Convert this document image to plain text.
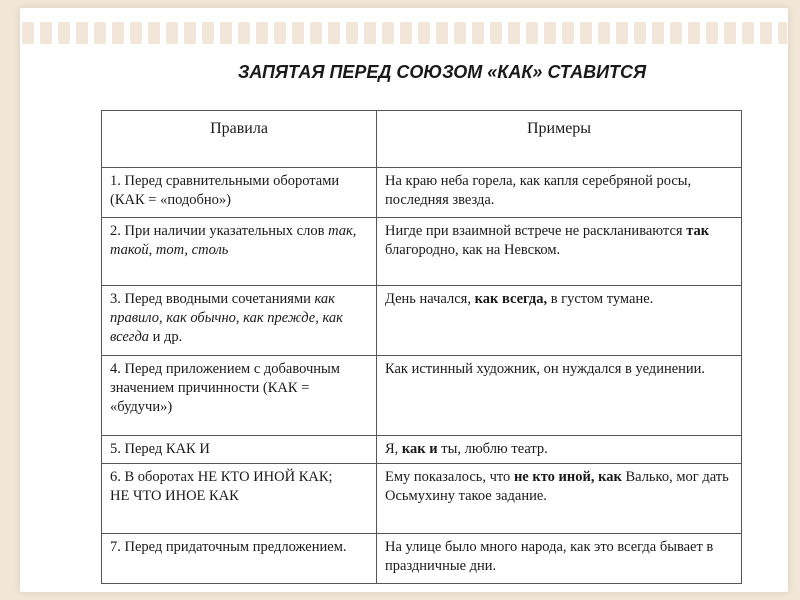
ЗАПЯТАЯ ПЕРЕД СОЮЗОМ «КАК» СТАВИТСЯ
Правила	Примеры
1. Перед сравнительными оборотами (КАК = «подобно»)	На краю неба горела, как капля серебряной росы, последняя звезда.
2. При наличии указательных слов так, такой, тот, столь	Нигде при взаимной встрече не раскланиваются так благородно, как на Невском.
3. Перед вводными сочетаниями как правило, как обычно, как прежде, как всегда и др.	День начался, как всегда, в густом тумане.
4. Перед приложением с добавочным значением причинности (КАК = «будучи»)	Как истинный художник, он нуждался в уединении.
5. Перед КАК И	Я, как и ты, люблю театр.
6. В оборотах НЕ КТО ИНОЙ КАК;
НЕ ЧТО ИНОЕ КАК	Ему показалось, что не кто иной, как Валько, мог дать Осьмухину такое задание.
7. Перед придаточным предложением.	На улице было много народа, как это всегда бывает в праздничные дни.
